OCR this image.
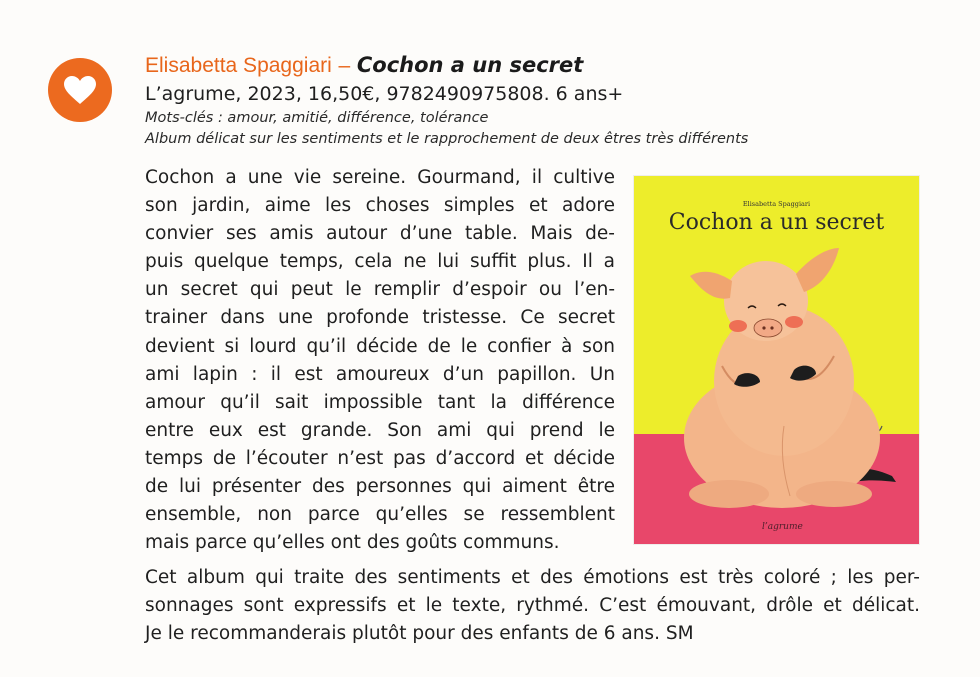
Elisabetta Spaggiari – Cochon a un secret
L’agrume, 2023, 16,50€, 9782490975808. 6 ans+
Mots-clés : amour, amitié, différence, tolérance
Album délicat sur les sentiments et le rapprochement de deux êtres très différents
Cochon a une vie sereine. Gourmand, il cultive
son jardin, aime les choses simples et adore
convier ses amis autour d’une table. Mais de-
puis quelque temps, cela ne lui suffit plus. Il a
un secret qui peut le remplir d’espoir ou l’en-
trainer dans une profonde tristesse. Ce secret
devient si lourd qu’il décide de le confier à son
ami lapin : il est amoureux d’un papillon. Un
amour qu’il sait impossible tant la différence
entre eux est grande. Son ami qui prend le
temps de l’écouter n’est pas d’accord et décide
de lui présenter des personnes qui aiment être
ensemble, non parce qu’elles se ressemblent
mais parce qu’elles ont des goûts communs.
Cet album qui traite des sentiments et des émotions est très coloré ; les per-
sonnages sont expressifs et le texte, rythmé. C’est émouvant, drôle et délicat.
Je le recommanderais plutôt pour des enfants de 6 ans. SM
Elisabetta Spaggiari
Cochon a un secret
l’agrume
